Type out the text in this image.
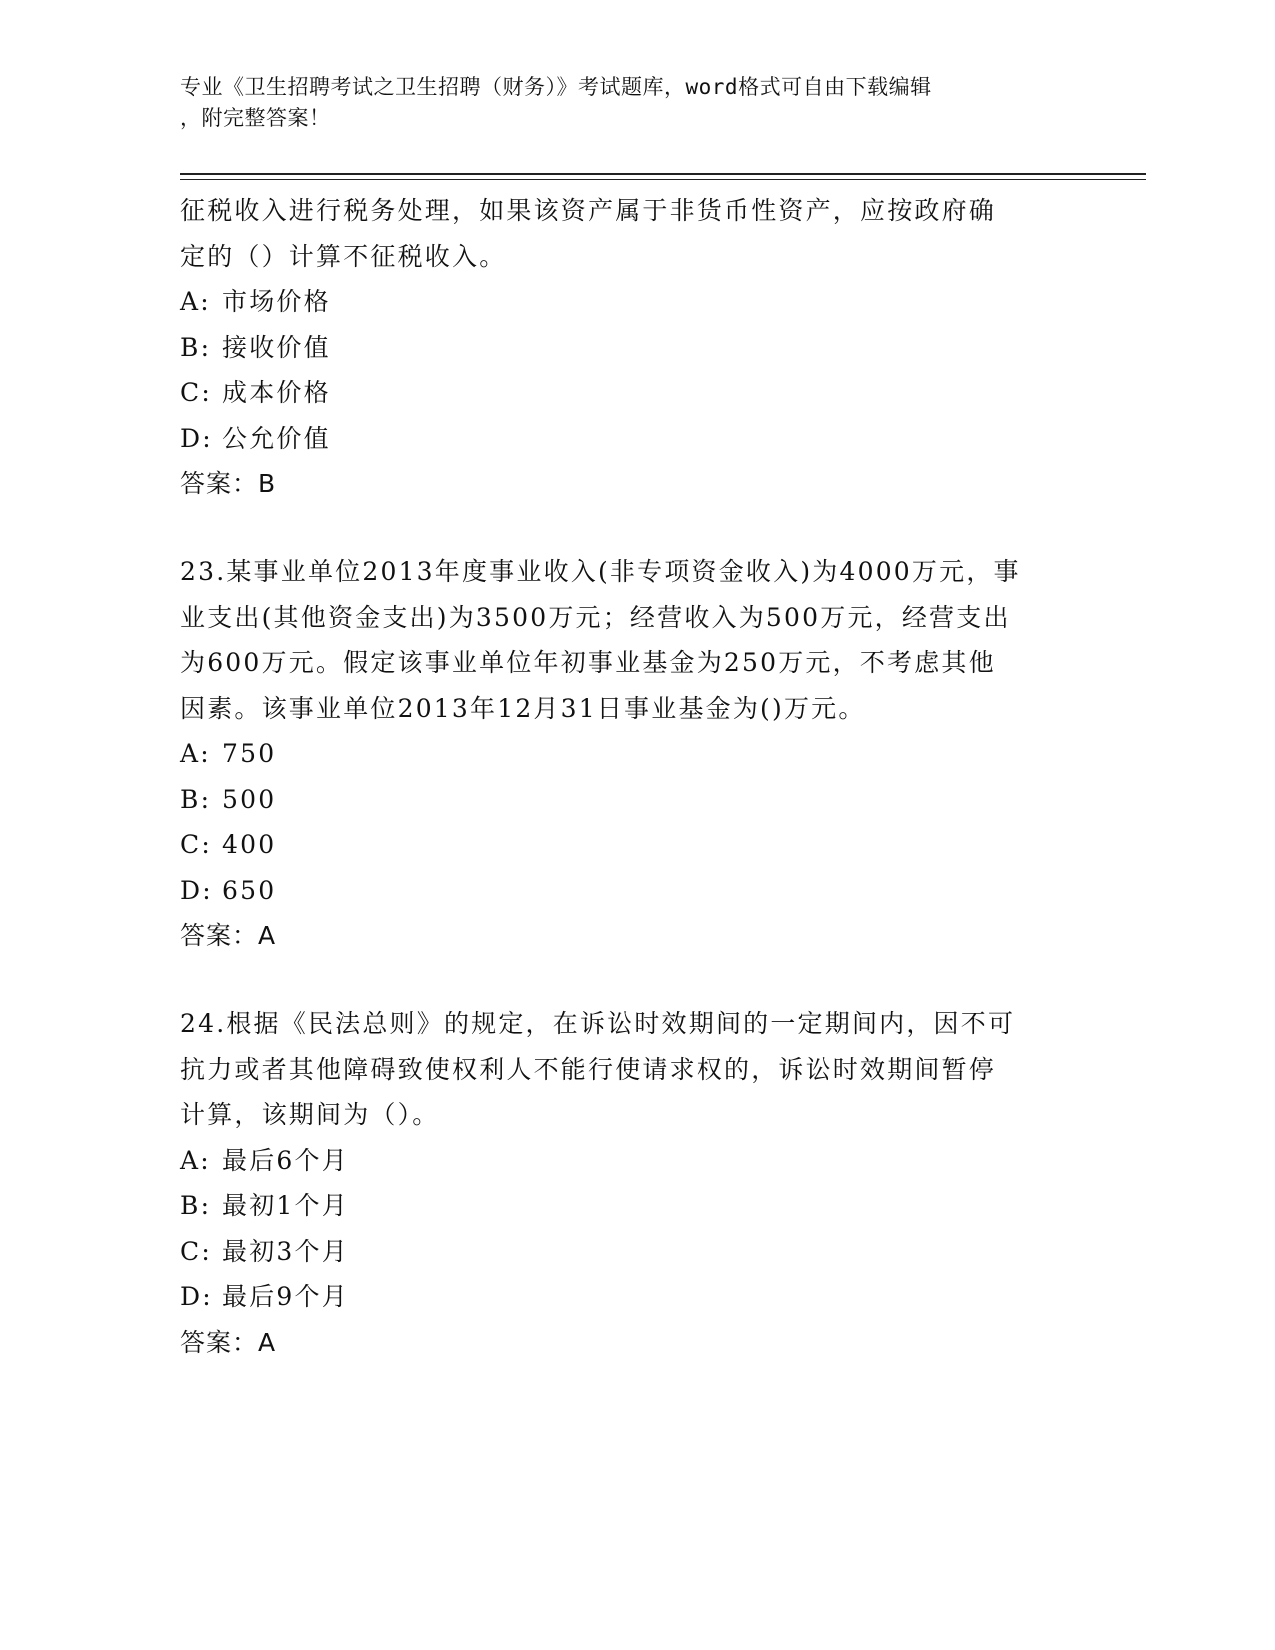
专业《卫生招聘考试之卫生招聘（财务）》考试题库，word格式可自由下载编辑
，附完整答案！
征税收入进行税务处理，如果该资产属于非货币性资产，应按政府确
定的（）计算不征税收入。
A: 市场价格
B: 接收价值
C: 成本价格
D: 公允价值
答案：B
23.某事业单位2013年度事业收入(非专项资金收入)为4000万元，事
业支出(其他资金支出)为3500万元；经营收入为500万元，经营支出
为600万元。假定该事业单位年初事业基金为250万元，不考虑其他
因素。该事业单位2013年12月31日事业基金为()万元。
A: 750
B: 500
C: 400
D: 650
答案：A
24.根据《民法总则》的规定，在诉讼时效期间的一定期间内，因不可
抗力或者其他障碍致使权利人不能行使请求权的，诉讼时效期间暂停
计算，该期间为（）。
A: 最后6个月
B: 最初1个月
C: 最初3个月
D: 最后9个月
答案：A
